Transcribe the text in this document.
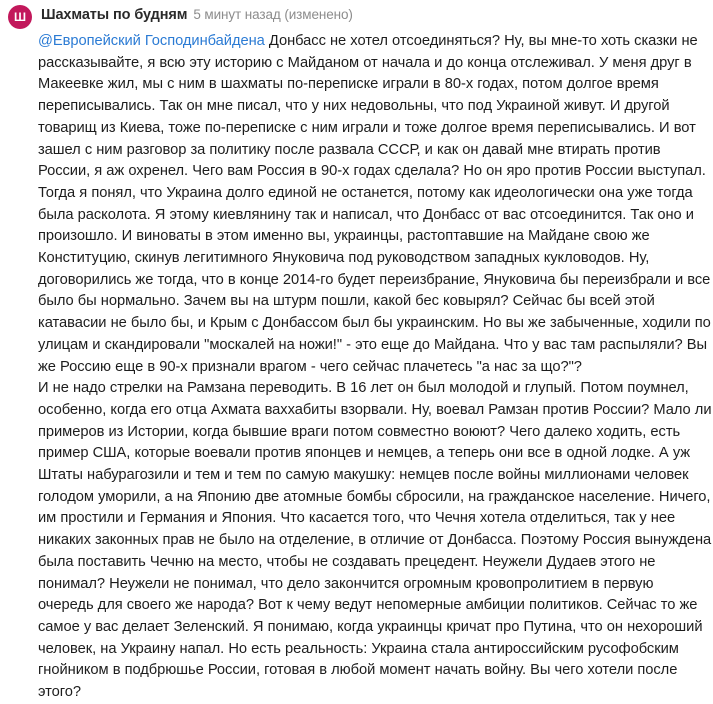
Ш	Шахматы по будням 5 минут назад (изменено)

@Европейский Господинбайдена Донбасс не хотел отсоединяться? Ну, вы мне-то хоть сказки не рассказывайте, я всю эту историю с Майданом от начала и до конца отслеживал. У меня друг в Макеевке жил, мы с ним в шахматы по-переписке играли в 80-х годах, потом долгое время переписывались. Так он мне писал, что у них недовольны, что под Украиной живут. И другой товарищ из Киева, тоже по-переписке с ним играли и тоже долгое время переписывались. И вот зашел с ним разговор за политику после развала СССР, и как он давай мне втирать против России, я аж охренел. Чего вам Россия в 90-х годах сделала? Но он яро против России выступал. Тогда я понял, что Украина долго единой не останется, потому как идеологически она уже тогда была расколота. Я этому киевлянину так и написал, что Донбасс от вас отсоединится. Так оно и произошло. И виноваты в этом именно вы, украинцы, растоптавшие на Майдане свою же Конституцию, скинув легитимного Януковича под руководством западных кукловодов. Ну, договорились же тогда, что в конце 2014-го будет переизбрание, Януковича бы переизбрали и все было бы нормально. Зачем вы на штурм пошли, какой бес ковырял? Сейчас бы всей этой катавасии не было бы, и Крым с Донбассом был бы украинским. Но вы же забыченные, ходили по улицам и скандировали "москалей на ножи!" - это еще до Майдана. Что у вас там распыляли? Вы же Россию еще в 90-х признали врагом - чего сейчас плачетесь "а нас за що?"?

И не надо стрелки на Рамзана переводить. В 16 лет он был молодой и глупый. Потом поумнел, особенно, когда его отца Ахмата ваххабиты взорвали. Ну, воевал Рамзан против России? Мало ли примеров из Истории, когда бывшие враги потом совместно воюют? Чего далеко ходить, есть пример США, которые воевали против японцев и немцев, а теперь они все в одной лодке. А уж Штаты набурагозили и тем и тем по самую макушку: немцев после войны миллионами человек голодом уморили, а на Японию две атомные бомбы сбросили, на гражданское население. Ничего, им простили и Германия и Япония. Что касается того, что Чечня хотела отделиться, так у нее никаких законных прав не было на отделение, в отличие от Донбасса. Поэтому Россия вынуждена была поставить Чечню на место, чтобы не создавать прецедент. Неужели Дудаев этого не понимал? Неужели не понимал, что дело закончится огромным кровопролитием в первую очередь для своего же народа? Вот к чему ведут непомерные амбиции политиков. Сейчас то же самое у вас делает Зеленский. Я понимаю, когда украинцы кричат про Путина, что он нехороший человек, на Украину напал. Но есть реальность: Украина стала антироссийским русофобским гнойником в подбрюшье России, готовая в любой момент начать войну. Вы чего хотели после этого?
